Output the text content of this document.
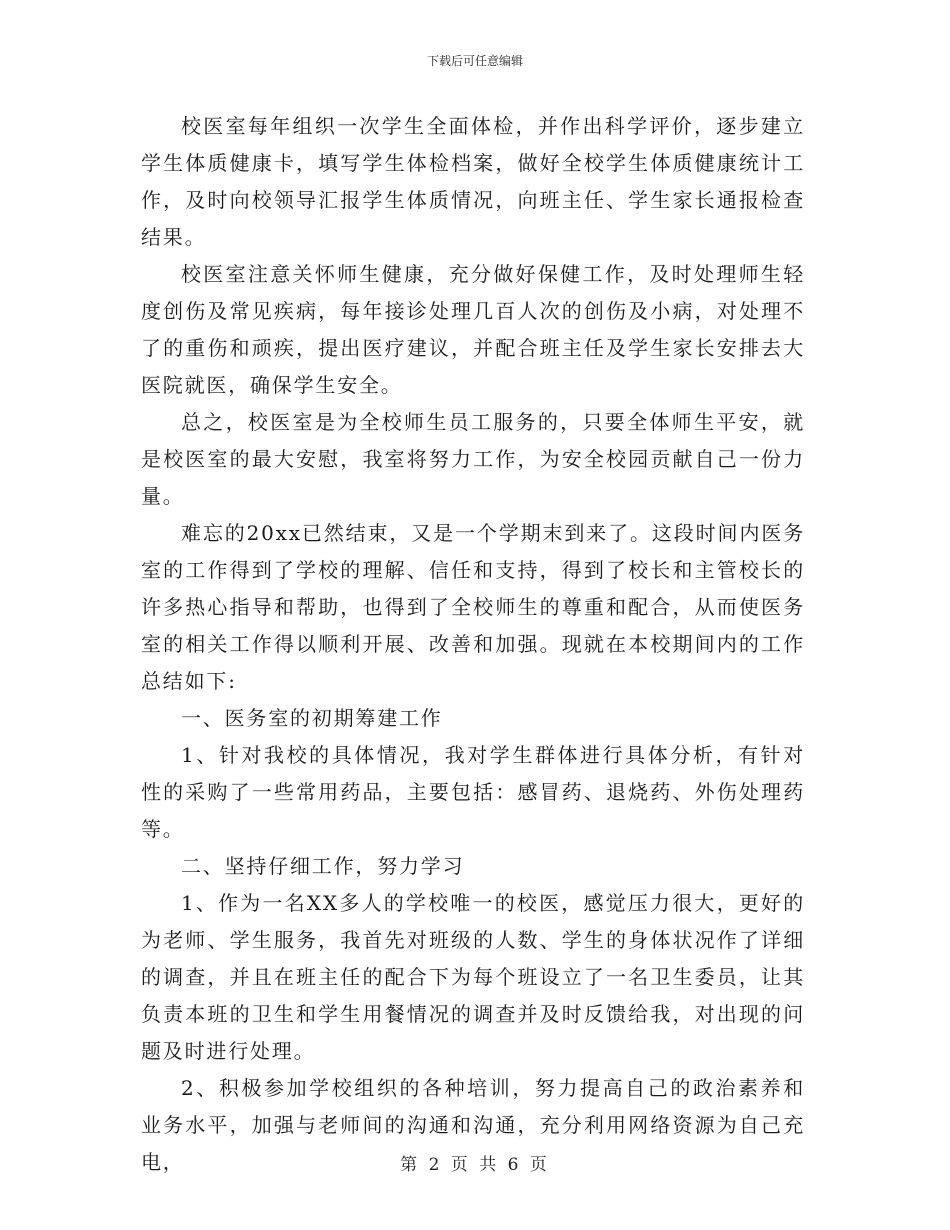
下载后可任意编辑

校医室每年组织一次学生全面体检，并作出科学评价，逐步建立学生体质健康卡，填写学生体检档案，做好全校学生体质健康统计工作，及时向校领导汇报学生体质情况，向班主任、学生家长通报检查结果。

校医室注意关怀师生健康，充分做好保健工作，及时处理师生轻度创伤及常见疾病，每年接诊处理几百人次的创伤及小病，对处理不了的重伤和顽疾，提出医疗建议，并配合班主任及学生家长安排去大医院就医，确保学生安全。

总之，校医室是为全校师生员工服务的，只要全体师生平安，就是校医室的最大安慰，我室将努力工作，为安全校园贡献自己一份力量。

难忘的20xx已然结束，又是一个学期末到来了。这段时间内医务室的工作得到了学校的理解、信任和支持，得到了校长和主管校长的许多热心指导和帮助，也得到了全校师生的尊重和配合，从而使医务室的相关工作得以顺利开展、改善和加强。现就在本校期间内的工作总结如下:

一、医务室的初期筹建工作

1、针对我校的具体情况，我对学生群体进行具体分析，有针对性的采购了一些常用药品，主要包括：感冒药、退烧药、外伤处理药等。

二、坚持仔细工作，努力学习

1、作为一名XX多人的学校唯一的校医，感觉压力很大，更好的为老师、学生服务，我首先对班级的人数、学生的身体状况作了详细的调查，并且在班主任的配合下为每个班设立了一名卫生委员，让其负责本班的卫生和学生用餐情况的调查并及时反馈给我，对出现的问题及时进行处理。

2、积极参加学校组织的各种培训，努力提高自己的政治素养和业务水平，加强与老师间的沟通和沟通，充分利用网络资源为自己充电，	第 2 页 共 6 页
